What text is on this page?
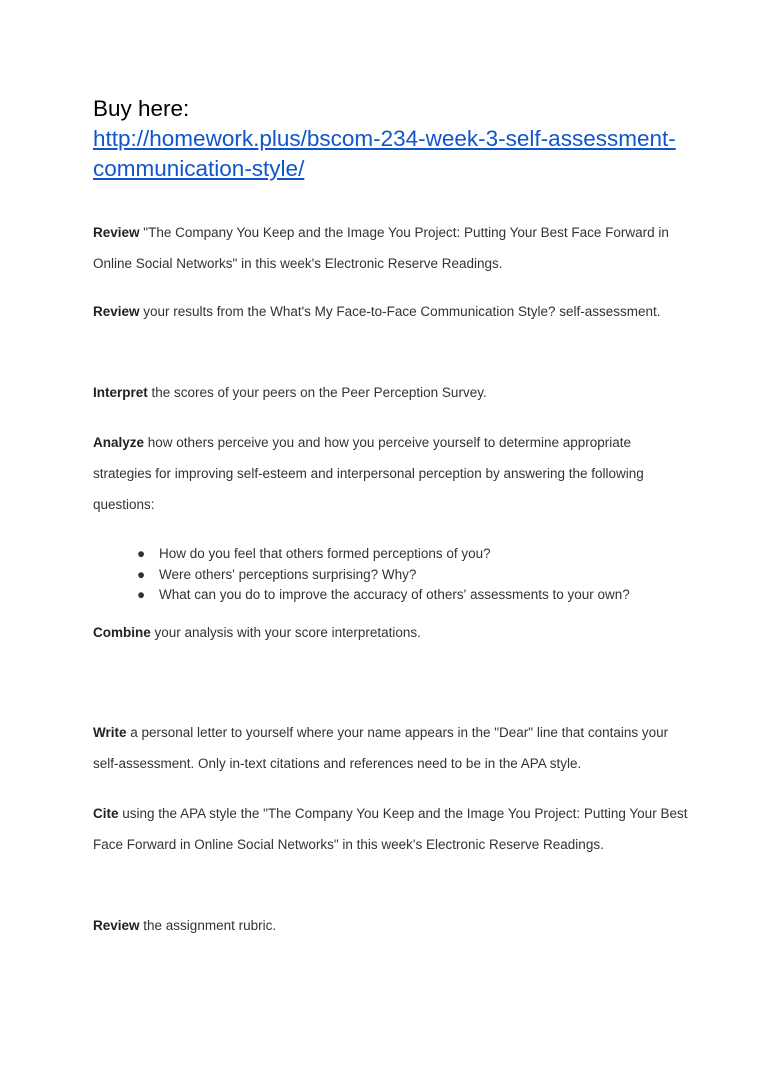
Buy here:
http://homework.plus/bscom-234-week-3-self-assessment-communication-style/
Review "The Company You Keep and the Image You Project: Putting Your Best Face Forward in Online Social Networks" in this week's Electronic Reserve Readings.
Review your results from the What's My Face-to-Face Communication Style? self-assessment.
Interpret the scores of your peers on the Peer Perception Survey.
Analyze how others perceive you and how you perceive yourself to determine appropriate strategies for improving self-esteem and interpersonal perception by answering the following questions:
● How do you feel that others formed perceptions of you?
● Were others' perceptions surprising? Why?
● What can you do to improve the accuracy of others' assessments to your own?
Combine your analysis with your score interpretations.
Write a personal letter to yourself where your name appears in the "Dear" line that contains your self-assessment. Only in-text citations and references need to be in the APA style.
Cite using the APA style the "The Company You Keep and the Image You Project: Putting Your Best Face Forward in Online Social Networks" in this week's Electronic Reserve Readings.
Review the assignment rubric.
